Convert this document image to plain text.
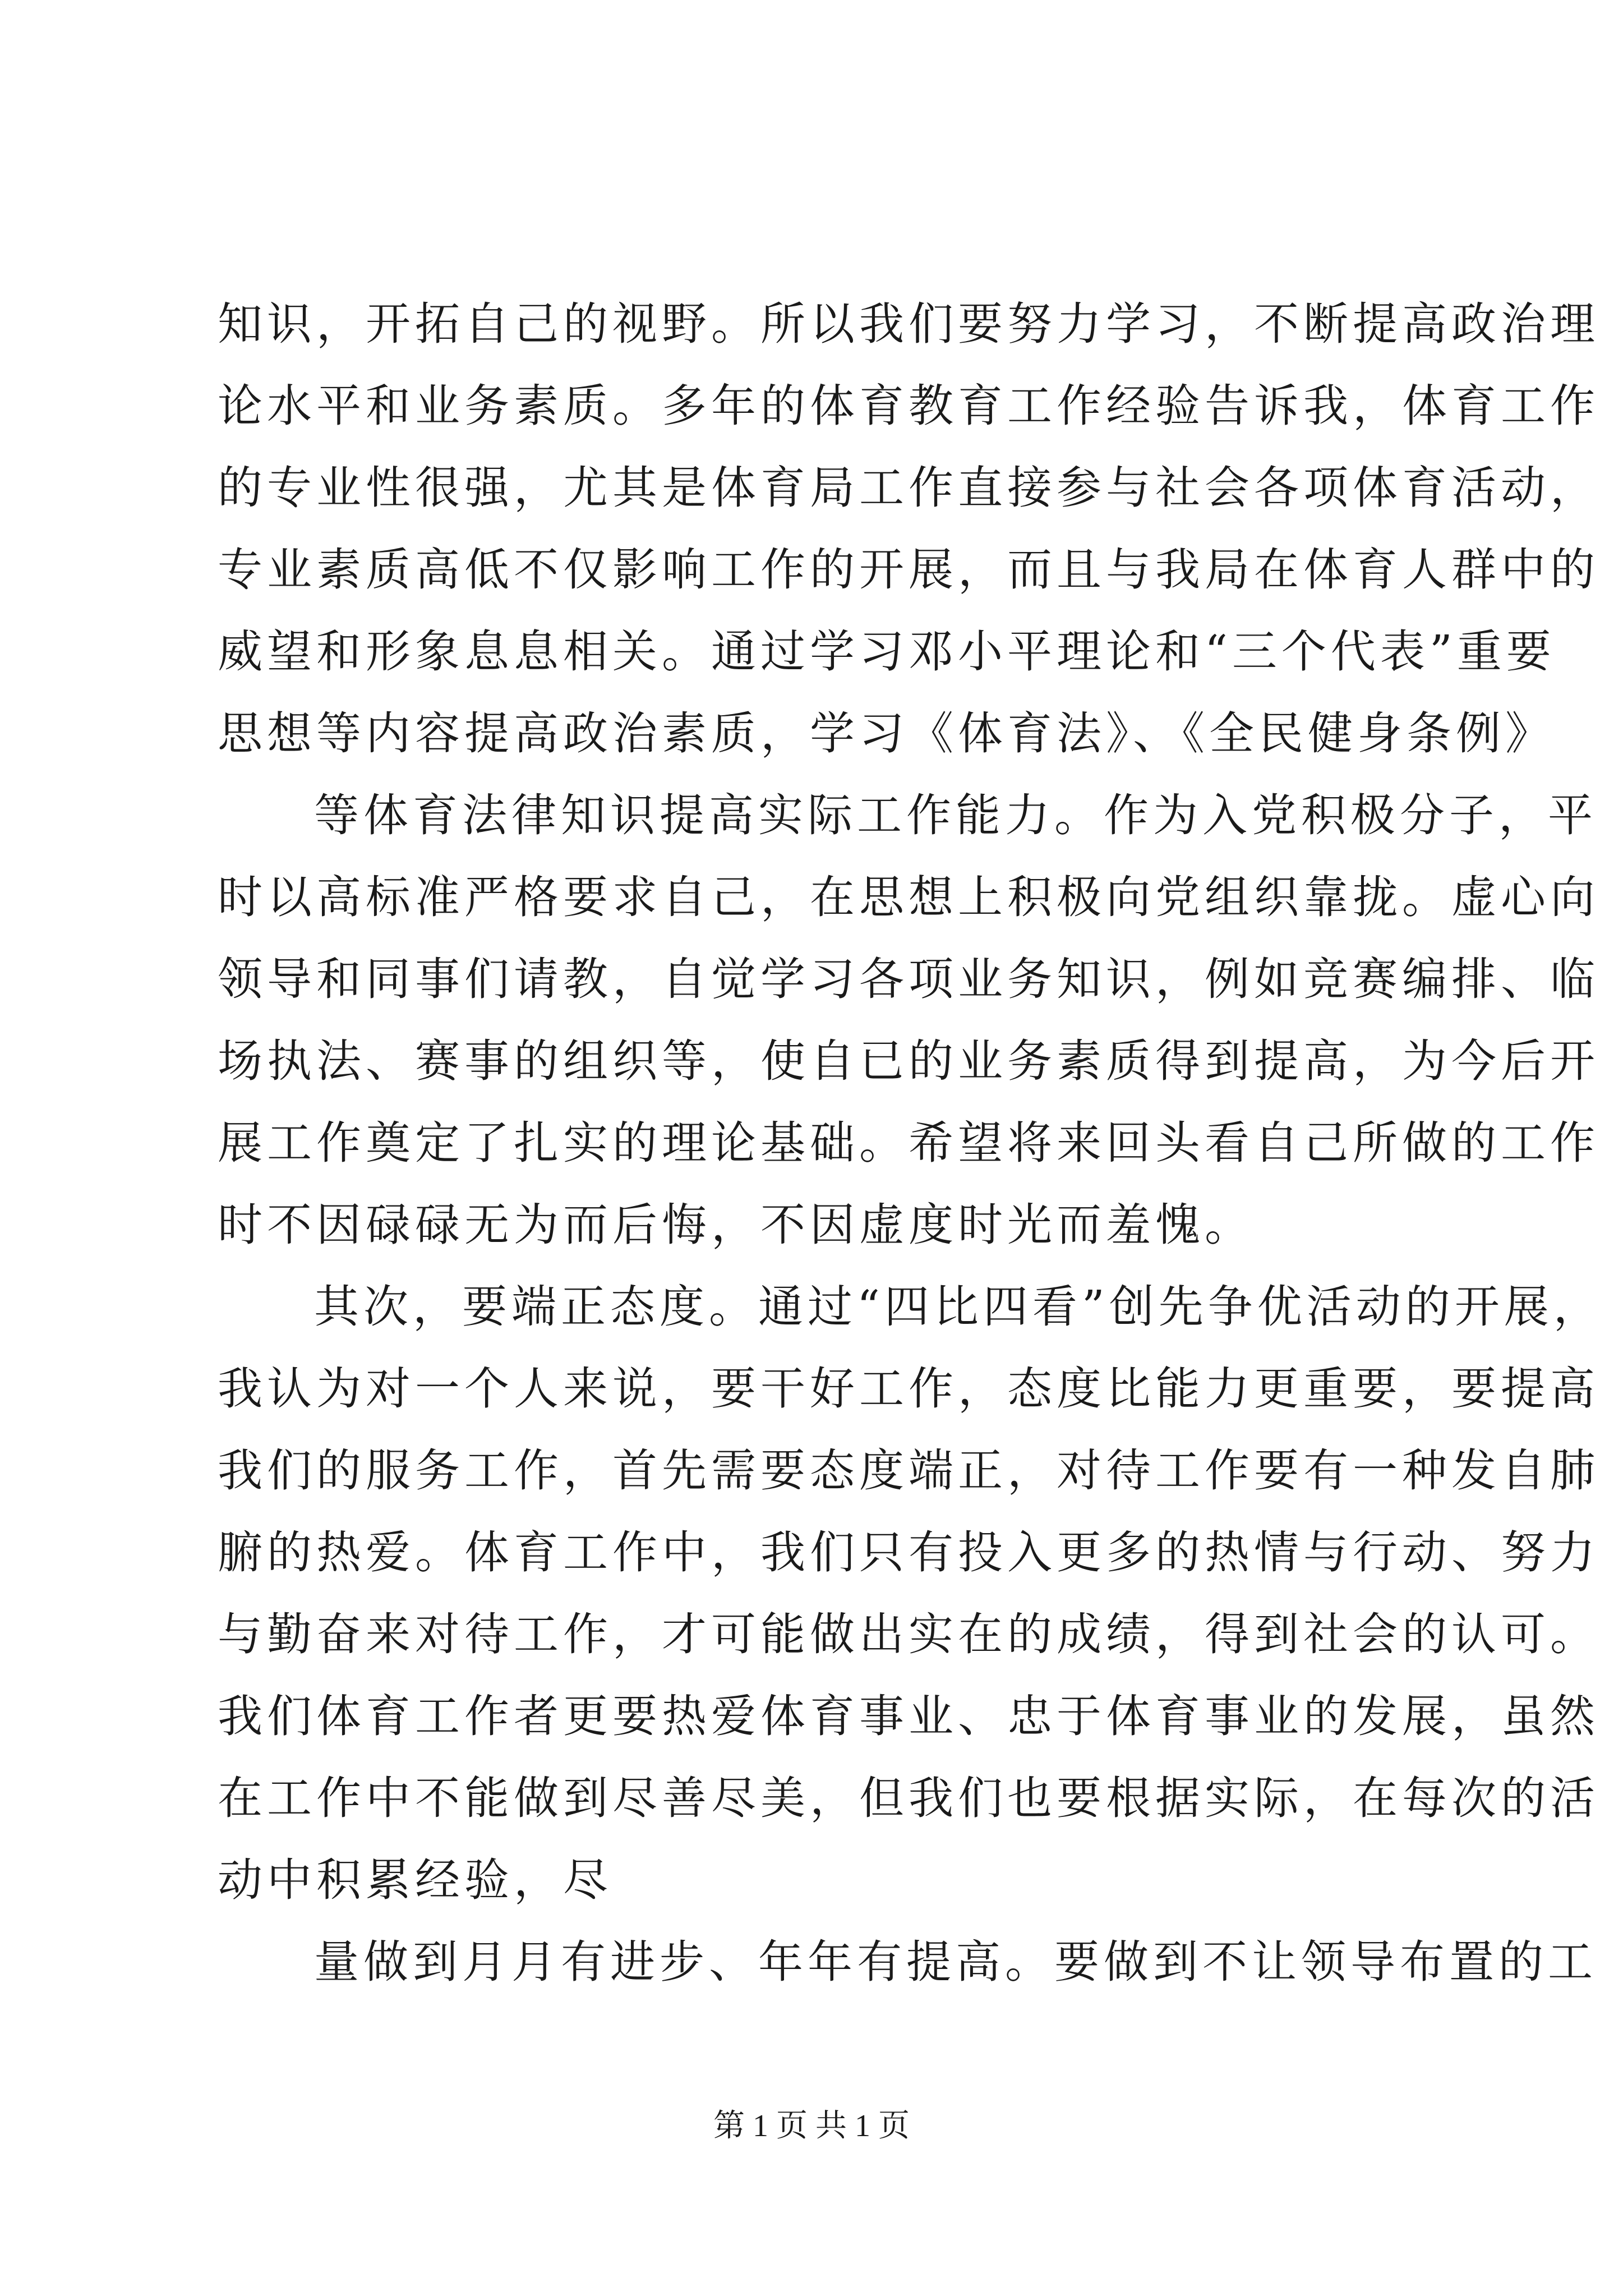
知识，开拓自己的视野。所以我们要努力学习，不断提高政治理
论水平和业务素质。多年的体育教育工作经验告诉我，体育工作
的专业性很强，尤其是体育局工作直接参与社会各项体育活动，
专业素质高低不仅影响工作的开展，而且与我局在体育人群中的
威望和形象息息相关。通过学习邓小平理论和“三个代表”重要
思想等内容提高政治素质，学习《体育法》、《全民健身条例》

等体育法律知识提高实际工作能力。作为入党积极分子，平
时以高标准严格要求自己，在思想上积极向党组织靠拢。虚心向
领导和同事们请教，自觉学习各项业务知识，例如竞赛编排、临
场执法、赛事的组织等，使自已的业务素质得到提高，为今后开
展工作奠定了扎实的理论基础。希望将来回头看自己所做的工作
时不因碌碌无为而后悔，不因虚度时光而羞愧。

其次，要端正态度。通过“四比四看”创先争优活动的开展，
我认为对一个人来说，要干好工作，态度比能力更重要，要提高
我们的服务工作，首先需要态度端正，对待工作要有一种发自肺
腑的热爱。体育工作中，我们只有投入更多的热情与行动、努力
与勤奋来对待工作，才可能做出实在的成绩，得到社会的认可。
我们体育工作者更要热爱体育事业、忠于体育事业的发展，虽然
在工作中不能做到尽善尽美，但我们也要根据实际，在每次的活
动中积累经验，尽

量做到月月有进步、年年有提高。要做到不让领导布置的工

第 1 页 共 1 页
